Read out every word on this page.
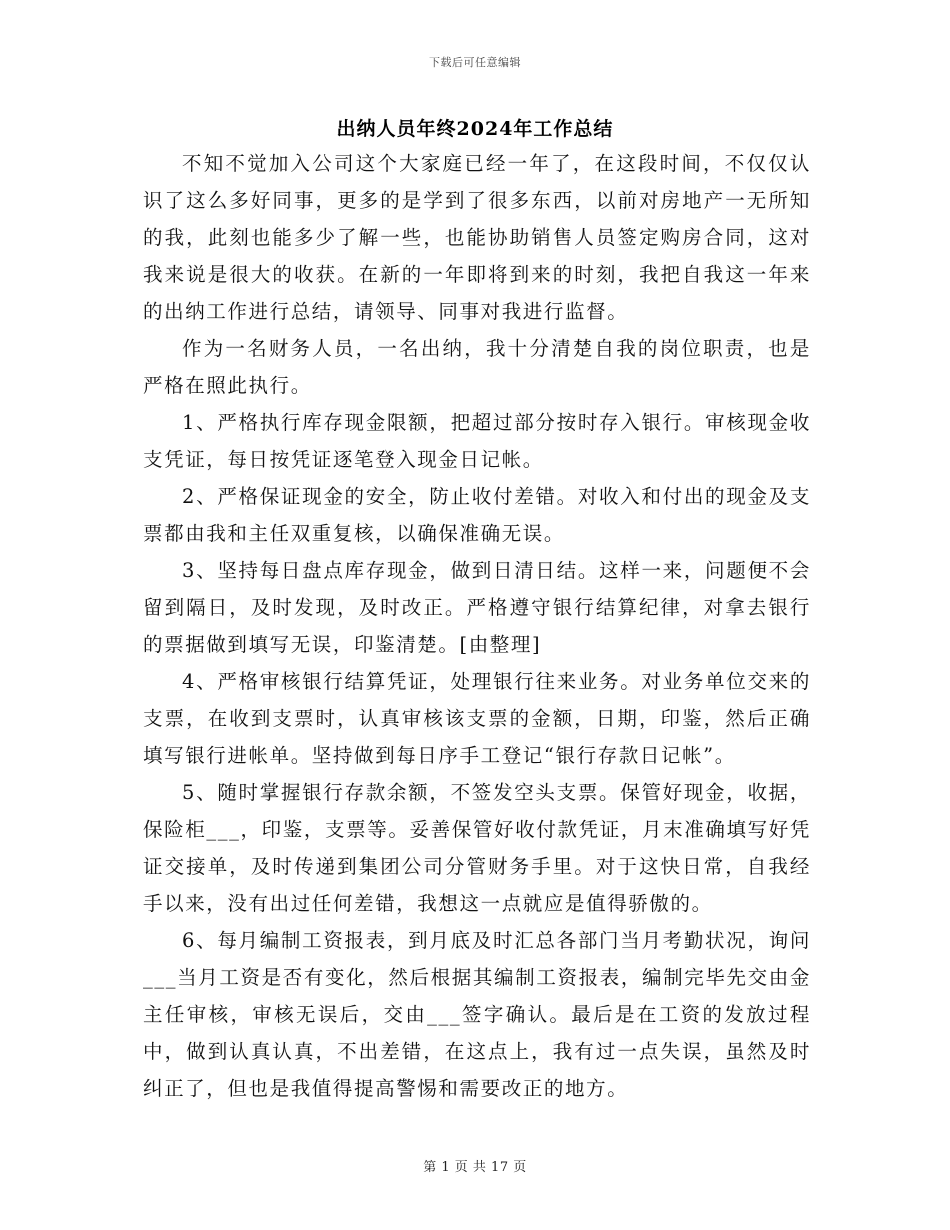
下载后可任意编辑
出纳人员年终2024年工作总结

不知不觉加入公司这个大家庭已经一年了，在这段时间，不仅仅认识了这么多好同事，更多的是学到了很多东西，以前对房地产一无所知的我，此刻也能多少了解一些，也能协助销售人员签定购房合同，这对我来说是很大的收获。在新的一年即将到来的时刻，我把自我这一年来的出纳工作进行总结，请领导、同事对我进行监督。

作为一名财务人员，一名出纳，我十分清楚自我的岗位职责，也是严格在照此执行。

1、严格执行库存现金限额，把超过部分按时存入银行。审核现金收支凭证，每日按凭证逐笔登入现金日记帐。

2、严格保证现金的安全，防止收付差错。对收入和付出的现金及支票都由我和主任双重复核，以确保准确无误。

3、坚持每日盘点库存现金，做到日清日结。这样一来，问题便不会留到隔日，及时发现，及时改正。严格遵守银行结算纪律，对拿去银行的票据做到填写无误，印鉴清楚。[由整理]

4、严格审核银行结算凭证，处理银行往来业务。对业务单位交来的支票，在收到支票时，认真审核该支票的金额，日期，印鉴，然后正确填写银行进帐单。坚持做到每日序手工登记“银行存款日记帐”。

5、随时掌握银行存款余额，不签发空头支票。保管好现金，收据，保险柜___，印鉴，支票等。妥善保管好收付款凭证，月末准确填写好凭证交接单，及时传递到集团公司分管财务手里。对于这快日常，自我经手以来，没有出过任何差错，我想这一点就应是值得骄傲的。

6、每月编制工资报表，到月底及时汇总各部门当月考勤状况，询问___当月工资是否有变化，然后根据其编制工资报表，编制完毕先交由金主任审核，审核无误后，交由___签字确认。最后是在工资的发放过程中，做到认真认真，不出差错，在这点上，我有过一点失误，虽然及时纠正了，但也是我值得提高警惕和需要改正的地方。

第 1 页 共 17 页
